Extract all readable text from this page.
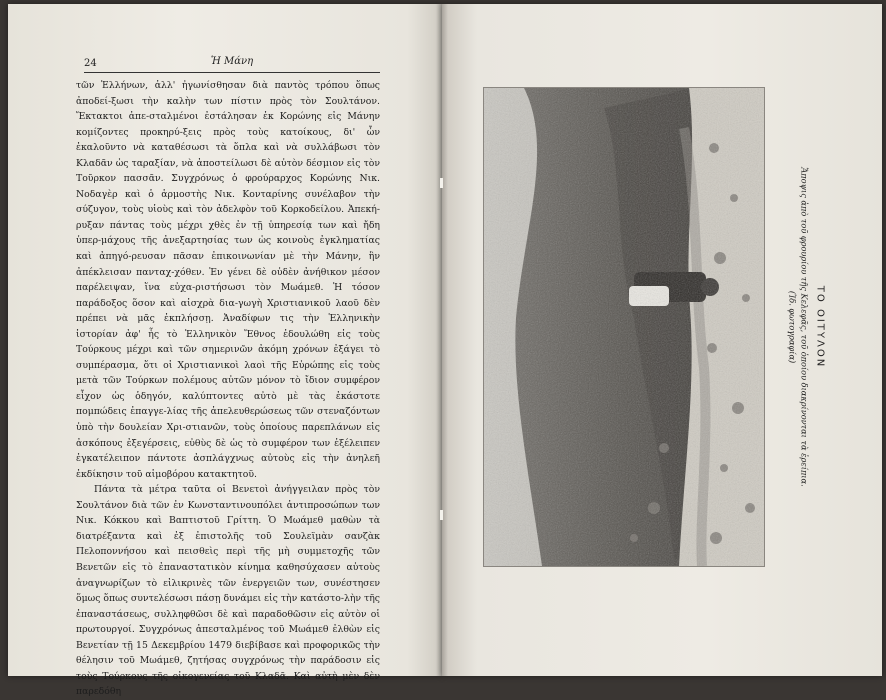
24	Ἡ Μάνη

τῶν Ἑλλήνων, ἀλλ' ἠγωνίσθησαν διὰ παντὸς τρόπου ὅπως ἀποδεί-ξωσι τὴν καλὴν των πίστιν πρὸς τὸν Σουλτάνον. Ἔκτακτοι ἀπε-σταλμένοι ἐστάλησαν ἐκ Κορώνης εἰς Μάνην κομίζοντες προκηρύ-ξεις πρὸς τοὺς κατοίκους, δι' ὧν ἐκαλοῦντο νὰ καταθέσωσι τὰ ὅπλα καὶ νὰ συλλάβωσι τὸν Κλαδᾶν ὡς ταραξίαν, νὰ ἀποστείλωσι δὲ αὐτὸν δέσμιον εἰς τὸν Τοῦρκον πασσᾶν. Συγχρόνως ὁ φρούραρχος Κορώνης Νικ. Νοδαγὲρ καὶ ὁ ἁρμοστὴς Νικ. Κονταρίνης συνέλαβον τὴν σύζυγον, τοὺς υἱοὺς καὶ τὸν ἀδελφὸν τοῦ Κορκοδείλου. Ἀπεκή-ρυξαν πάντας τοὺς μέχρι χθὲς ἐν τῇ ὑπηρεσίᾳ των καὶ ἤδη ὑπερ-μάχους τῆς ἀνεξαρτησίας των ὡς κοινοὺς ἐγκληματίας καὶ ἀπηγό-ρευσαν πᾶσαν ἐπικοινωνίαν μὲ τὴν Μάνην, ἣν ἀπέκλεισαν πανταχ-χόθεν. Ἐν γένει δὲ οὐδὲν ἀνήθικον μέσον παρέλειψαν, ἵνα εὐχα-ριστήσωσι τὸν Μωάμεθ. Ἡ τόσον παράδοξος ὅσον καὶ αἰσχρὰ δια-γωγὴ Χριστιανικοῦ λαοῦ δὲν πρέπει νὰ μᾶς ἐκπλήσσῃ. Ἀναδίφων τις τὴν Ἑλληνικὴν ἱστορίαν ἀφ' ἧς τὸ Ἑλληνικὸν Ἔθνος ἐδουλώθη εἰς τοὺς Τούρκους μέχρι καὶ τῶν σημερινῶν ἀκόμη χρόνων ἐξάγει τὸ συμπέρασμα, ὅτι οἱ Χριστιανικοὶ λαοὶ τῆς Εὐρώπης εἰς τοὺς μετὰ τῶν Τούρκων πολέμους αὐτῶν μόνον τὸ ἴδιον συμφέρον εἶχον ὡς ὁδηγόν, καλύπτοντες αὐτὸ μὲ τὰς ἑκάστοτε πομπώδεις ἐπαγγε-λίας τῆς ἀπελευθερώσεως τῶν στεναζόντων ὑπὸ τὴν δουλείαν Χρι-στιανῶν, τοὺς ὁποίους παρεπλάνων εἰς ἀσκόπους ἐξεγέρσεις, εὐθὺς δὲ ὡς τὸ συμφέρον των ἐξέλειπεν ἐγκατέλειπον πάντοτε ἀσπλάγχνως αὐτοὺς εἰς τὴν ἀνηλεῆ ἐκδίκησιν τοῦ αἱμοβόρου κατακτητοῦ.

Πάντα τὰ μέτρα ταῦτα οἱ Βενετοὶ ἀνήγγειλαν πρὸς τὸν Σουλτάνον διὰ τῶν ἐν Κωνσταντινουπόλει ἀντιπροσώπων των Νικ. Κόκκου καὶ Βαπτιστοῦ Γρίττη. Ὁ Μωάμεθ μαθὼν τὰ διατρέξαντα καὶ ἐξ ἐπιστολῆς τοῦ Σουλεϊμὰν σανζὰκ Πελοποννήσου καὶ πεισθεὶς περὶ τῆς μὴ συμμετοχῆς τῶν Βενετῶν εἰς τὸ ἐπαναστατικὸν κίνημα καθησύχασεν αὐτοὺς ἀναγνωρίζων τὸ εἰλικρινὲς τῶν ἐνεργειῶν των, συνέστησεν ὅμως ὅπως συντελέσωσι πάσῃ δυνάμει εἰς τὴν κατάστο-λὴν τῆς ἐπαναστάσεως, συλληφθῶσι δὲ καὶ παραδοθῶσιν εἰς αὐτὸν οἱ πρωτουργοί. Συγχρόνως ἀπεσταλμένος τοῦ Μωάμεθ ἐλθὼν εἰς Βενετίαν τῇ 15 Δεκεμβρίου 1479 διεβίβασε καὶ προφορικῶς τὴν θέλησιν τοῦ Μωάμεθ, ζητήσας συγχρόνως τὴν παράδοσιν εἰς τοὺς Τούρκους τῆς οἰκογενείας τοῦ Κλαδᾶ. Καὶ αὐτὴ μὲν δὲν παρεδόθη

ΤΟ ΟΙΤΥΛΟΝ
Ἄποψις ἀπὸ τοῦ φρουρίου τῆς Κελεφᾶς, τοῦ ὁποίου διακρίνονται τὰ ἐρείπια.
(Ἰδ. φωτογραφία)
